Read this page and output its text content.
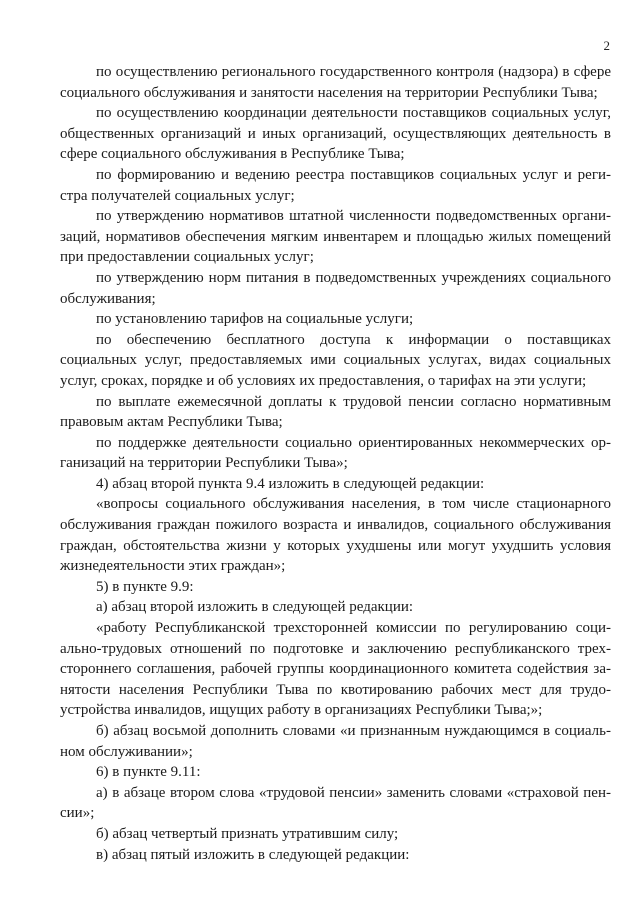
2

по осуществлению регионального государственного контроля (надзора) в сфере социального обслуживания и занятости населения на территории Республики Тыва;

по осуществлению координации деятельности поставщиков социальных услуг, общественных организаций и иных организаций, осуществляющих деятельность в сфере социального обслуживания в Республике Тыва;

по формированию и ведению реестра поставщиков социальных услуг и регистра получателей социальных услуг;

по утверждению нормативов штатной численности подведомственных организаций, нормативов обеспечения мягким инвентарем и площадью жилых помещений при предоставлении социальных услуг;

по утверждению норм питания в подведомственных учреждениях социального обслуживания;

по установлению тарифов на социальные услуги;

по обеспечению бесплатного доступа к информации о поставщиках социальных услуг, предоставляемых ими социальных услугах, видах социальных услуг, сроках, порядке и об условиях их предоставления, о тарифах на эти услуги;

по выплате ежемесячной доплаты к трудовой пенсии согласно нормативным правовым актам Республики Тыва;

по поддержке деятельности социально ориентированных некоммерческих организаций на территории Республики Тыва»;

4) абзац второй пункта 9.4 изложить в следующей редакции:

«вопросы социального обслуживания населения, в том числе стационарного обслуживания граждан пожилого возраста и инвалидов, социального обслуживания граждан, обстоятельства жизни у которых ухудшены или могут ухудшить условия жизнедеятельности этих граждан»;

5) в пункте 9.9:

а) абзац второй изложить в следующей редакции:

«работу Республиканской трехсторонней комиссии по регулированию социально-трудовых отношений по подготовке и заключению республиканского трехстороннего соглашения, рабочей группы координационного комитета содействия занятости населения Республики Тыва по квотированию рабочих мест для трудоустройства инвалидов, ищущих работу в организациях Республики Тыва;»;

б) абзац восьмой дополнить словами «и признанным нуждающимся в социальном обслуживании»;

6) в пункте 9.11:

а) в абзаце втором слова «трудовой пенсии» заменить словами «страховой пенсии»;

б) абзац четвертый признать утратившим силу;

в) абзац пятый изложить в следующей редакции:
